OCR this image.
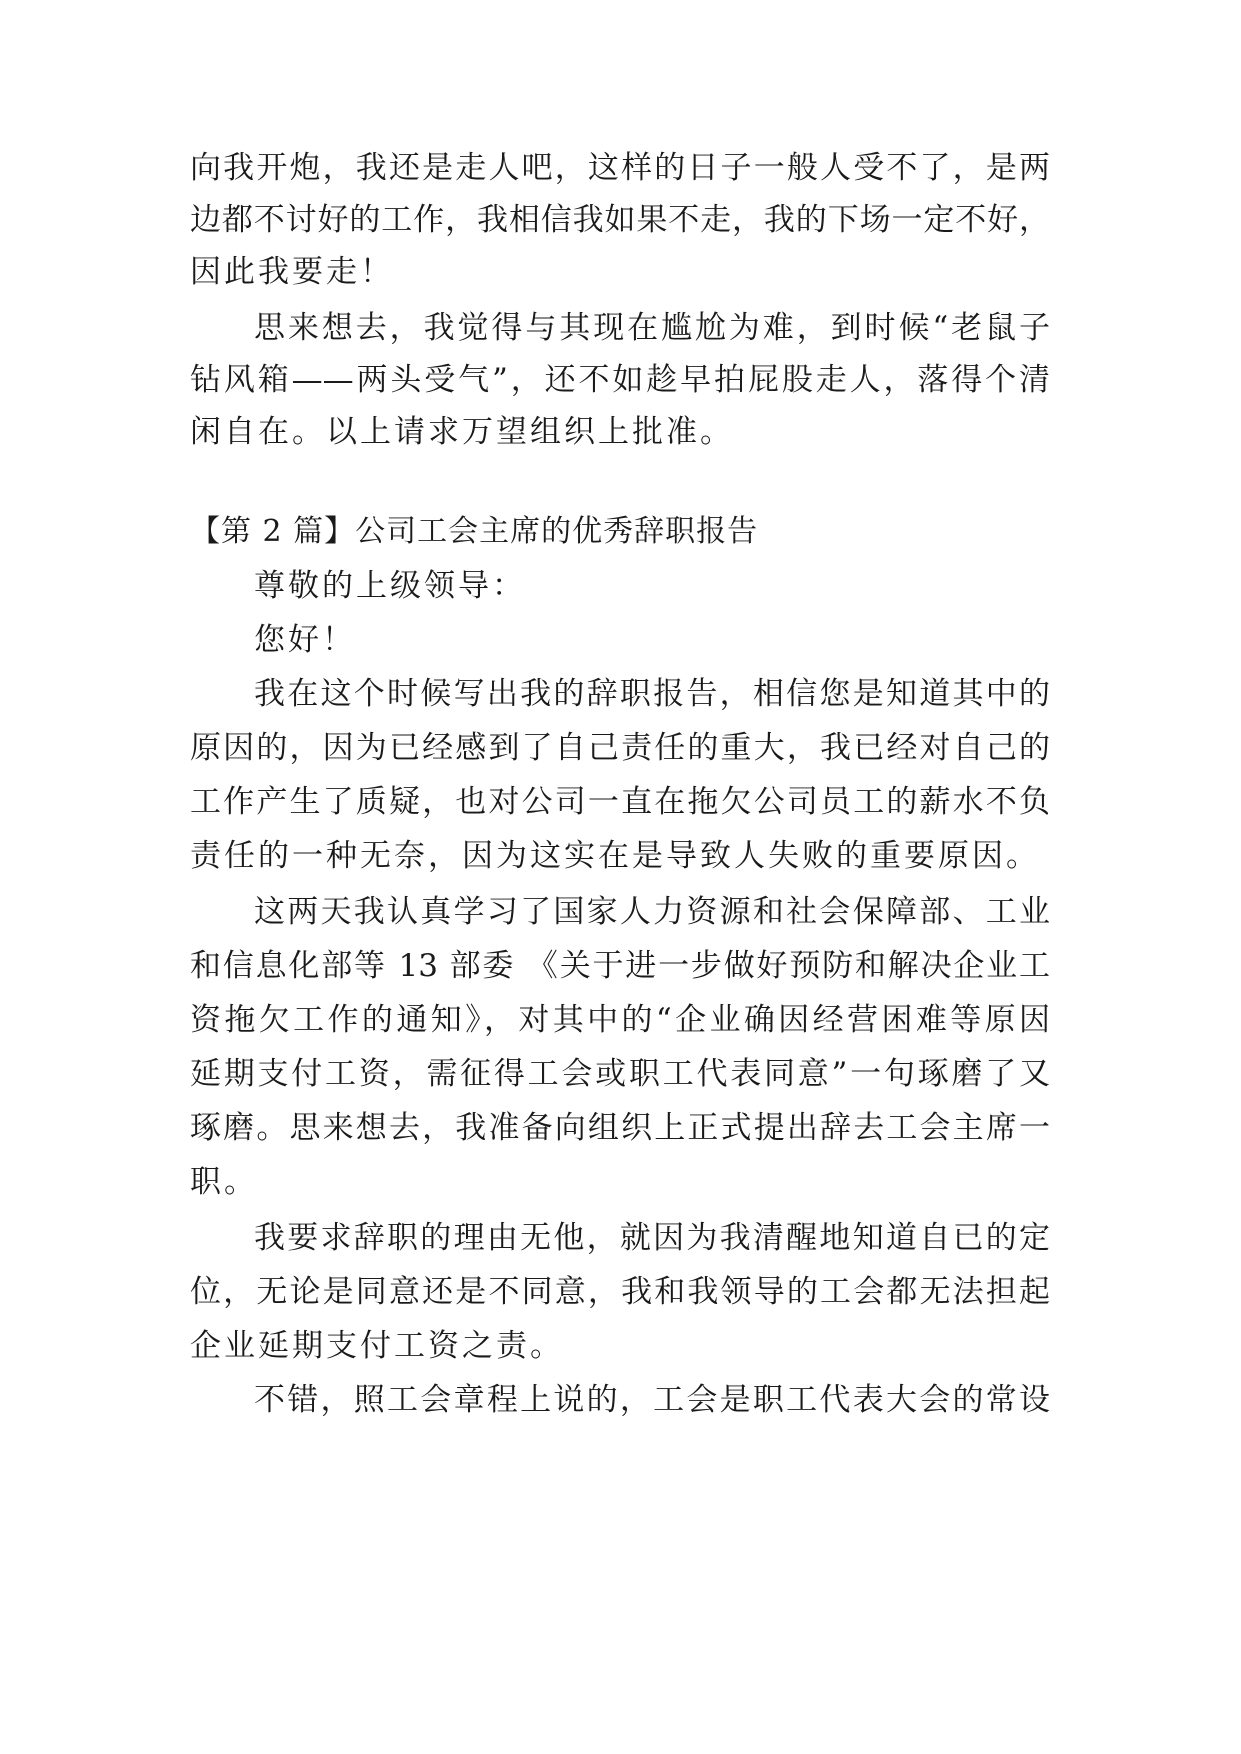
向我开炮，我还是走人吧，这样的日子一般人受不了，是两
边都不讨好的工作，我相信我如果不走，我的下场一定不好，
因此我要走！
思来想去，我觉得与其现在尴尬为难，到时候“老鼠子
钻风箱——两头受气”，还不如趁早拍屁股走人，落得个清
闲自在。以上请求万望组织上批准。
【第 2 篇】公司工会主席的优秀辞职报告
尊敬的上级领导：
您好！
我在这个时候写出我的辞职报告，相信您是知道其中的
原因的，因为已经感到了自己责任的重大，我已经对自己的
工作产生了质疑，也对公司一直在拖欠公司员工的薪水不负
责任的一种无奈，因为这实在是导致人失败的重要原因。
这两天我认真学习了国家人力资源和社会保障部、工业
和信息化部等 13 部委 《关于进一步做好预防和解决企业工
资拖欠工作的通知》，对其中的“企业确因经营困难等原因
延期支付工资，需征得工会或职工代表同意”一句琢磨了又
琢磨。思来想去，我准备向组织上正式提出辞去工会主席一
职。
我要求辞职的理由无他，就因为我清醒地知道自已的定
位，无论是同意还是不同意，我和我领导的工会都无法担起
企业延期支付工资之责。
不错，照工会章程上说的，工会是职工代表大会的常设
